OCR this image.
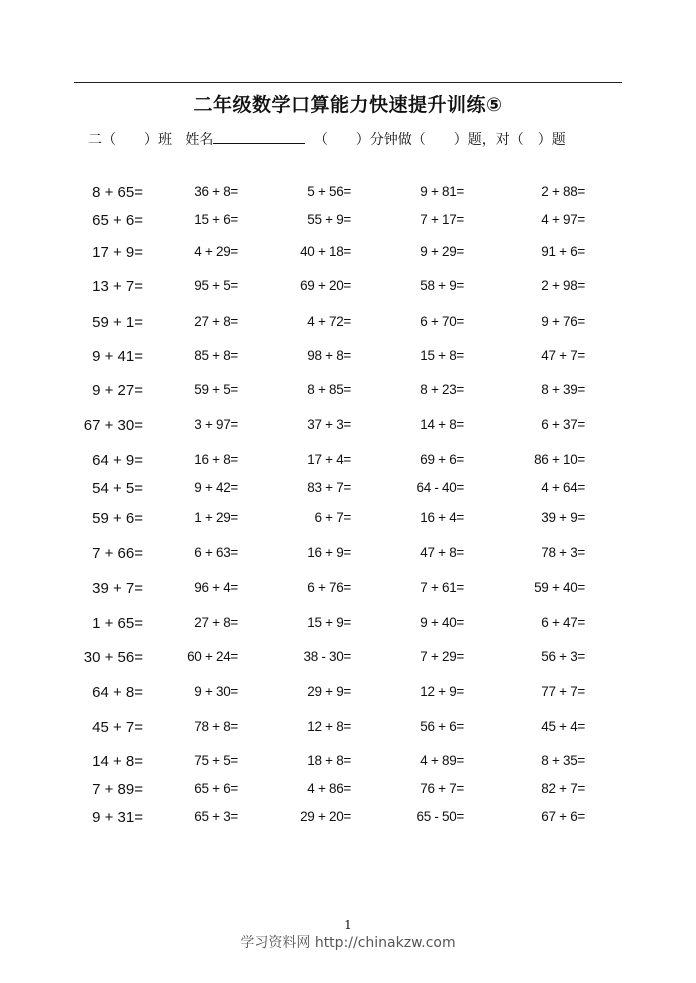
二年级数学口算能力快速提升训练⑤
二（　　）班 姓名	（　　）分钟做（　　）题，对（　）题
8 + 65=	36 + 8=	5 + 56=	9 + 81=	2 + 88=
65 + 6=	15 + 6=	55 + 9=	7 + 17=	4 + 97=
17 + 9=	4 + 29=	40 + 18=	9 + 29=	91 + 6=
13 + 7=	95 + 5=	69 + 20=	58 + 9=	2 + 98=
59 + 1=	27 + 8=	4 + 72=	6 + 70=	9 + 76=
9 + 41=	85 + 8=	98 + 8=	15 + 8=	47 + 7=
9 + 27=	59 + 5=	8 + 85=	8 + 23=	8 + 39=
67 + 30=	3 + 97=	37 + 3=	14 + 8=	6 + 37=
64 + 9=	16 + 8=	17 + 4=	69 + 6=	86 + 10=
54 + 5=	9 + 42=	83 + 7=	64 - 40=	4 + 64=
59 + 6=	1 + 29=	6 + 7=	16 + 4=	39 + 9=
7 + 66=	6 + 63=	16 + 9=	47 + 8=	78 + 3=
39 + 7=	96 + 4=	6 + 76=	7 + 61=	59 + 40=
1 + 65=	27 + 8=	15 + 9=	9 + 40=	6 + 47=
30 + 56=	60 + 24=	38 - 30=	7 + 29=	56 + 3=
64 + 8=	9 + 30=	29 + 9=	12 + 9=	77 + 7=
45 + 7=	78 + 8=	12 + 8=	56 + 6=	45 + 4=
14 + 8=	75 + 5=	18 + 8=	4 + 89=	8 + 35=
7 + 89=	65 + 6=	4 + 86=	76 + 7=	82 + 7=
9 + 31=	65 + 3=	29 + 20=	65 - 50=	67 + 6=
1
学习资料网 http://chinakzw.com
